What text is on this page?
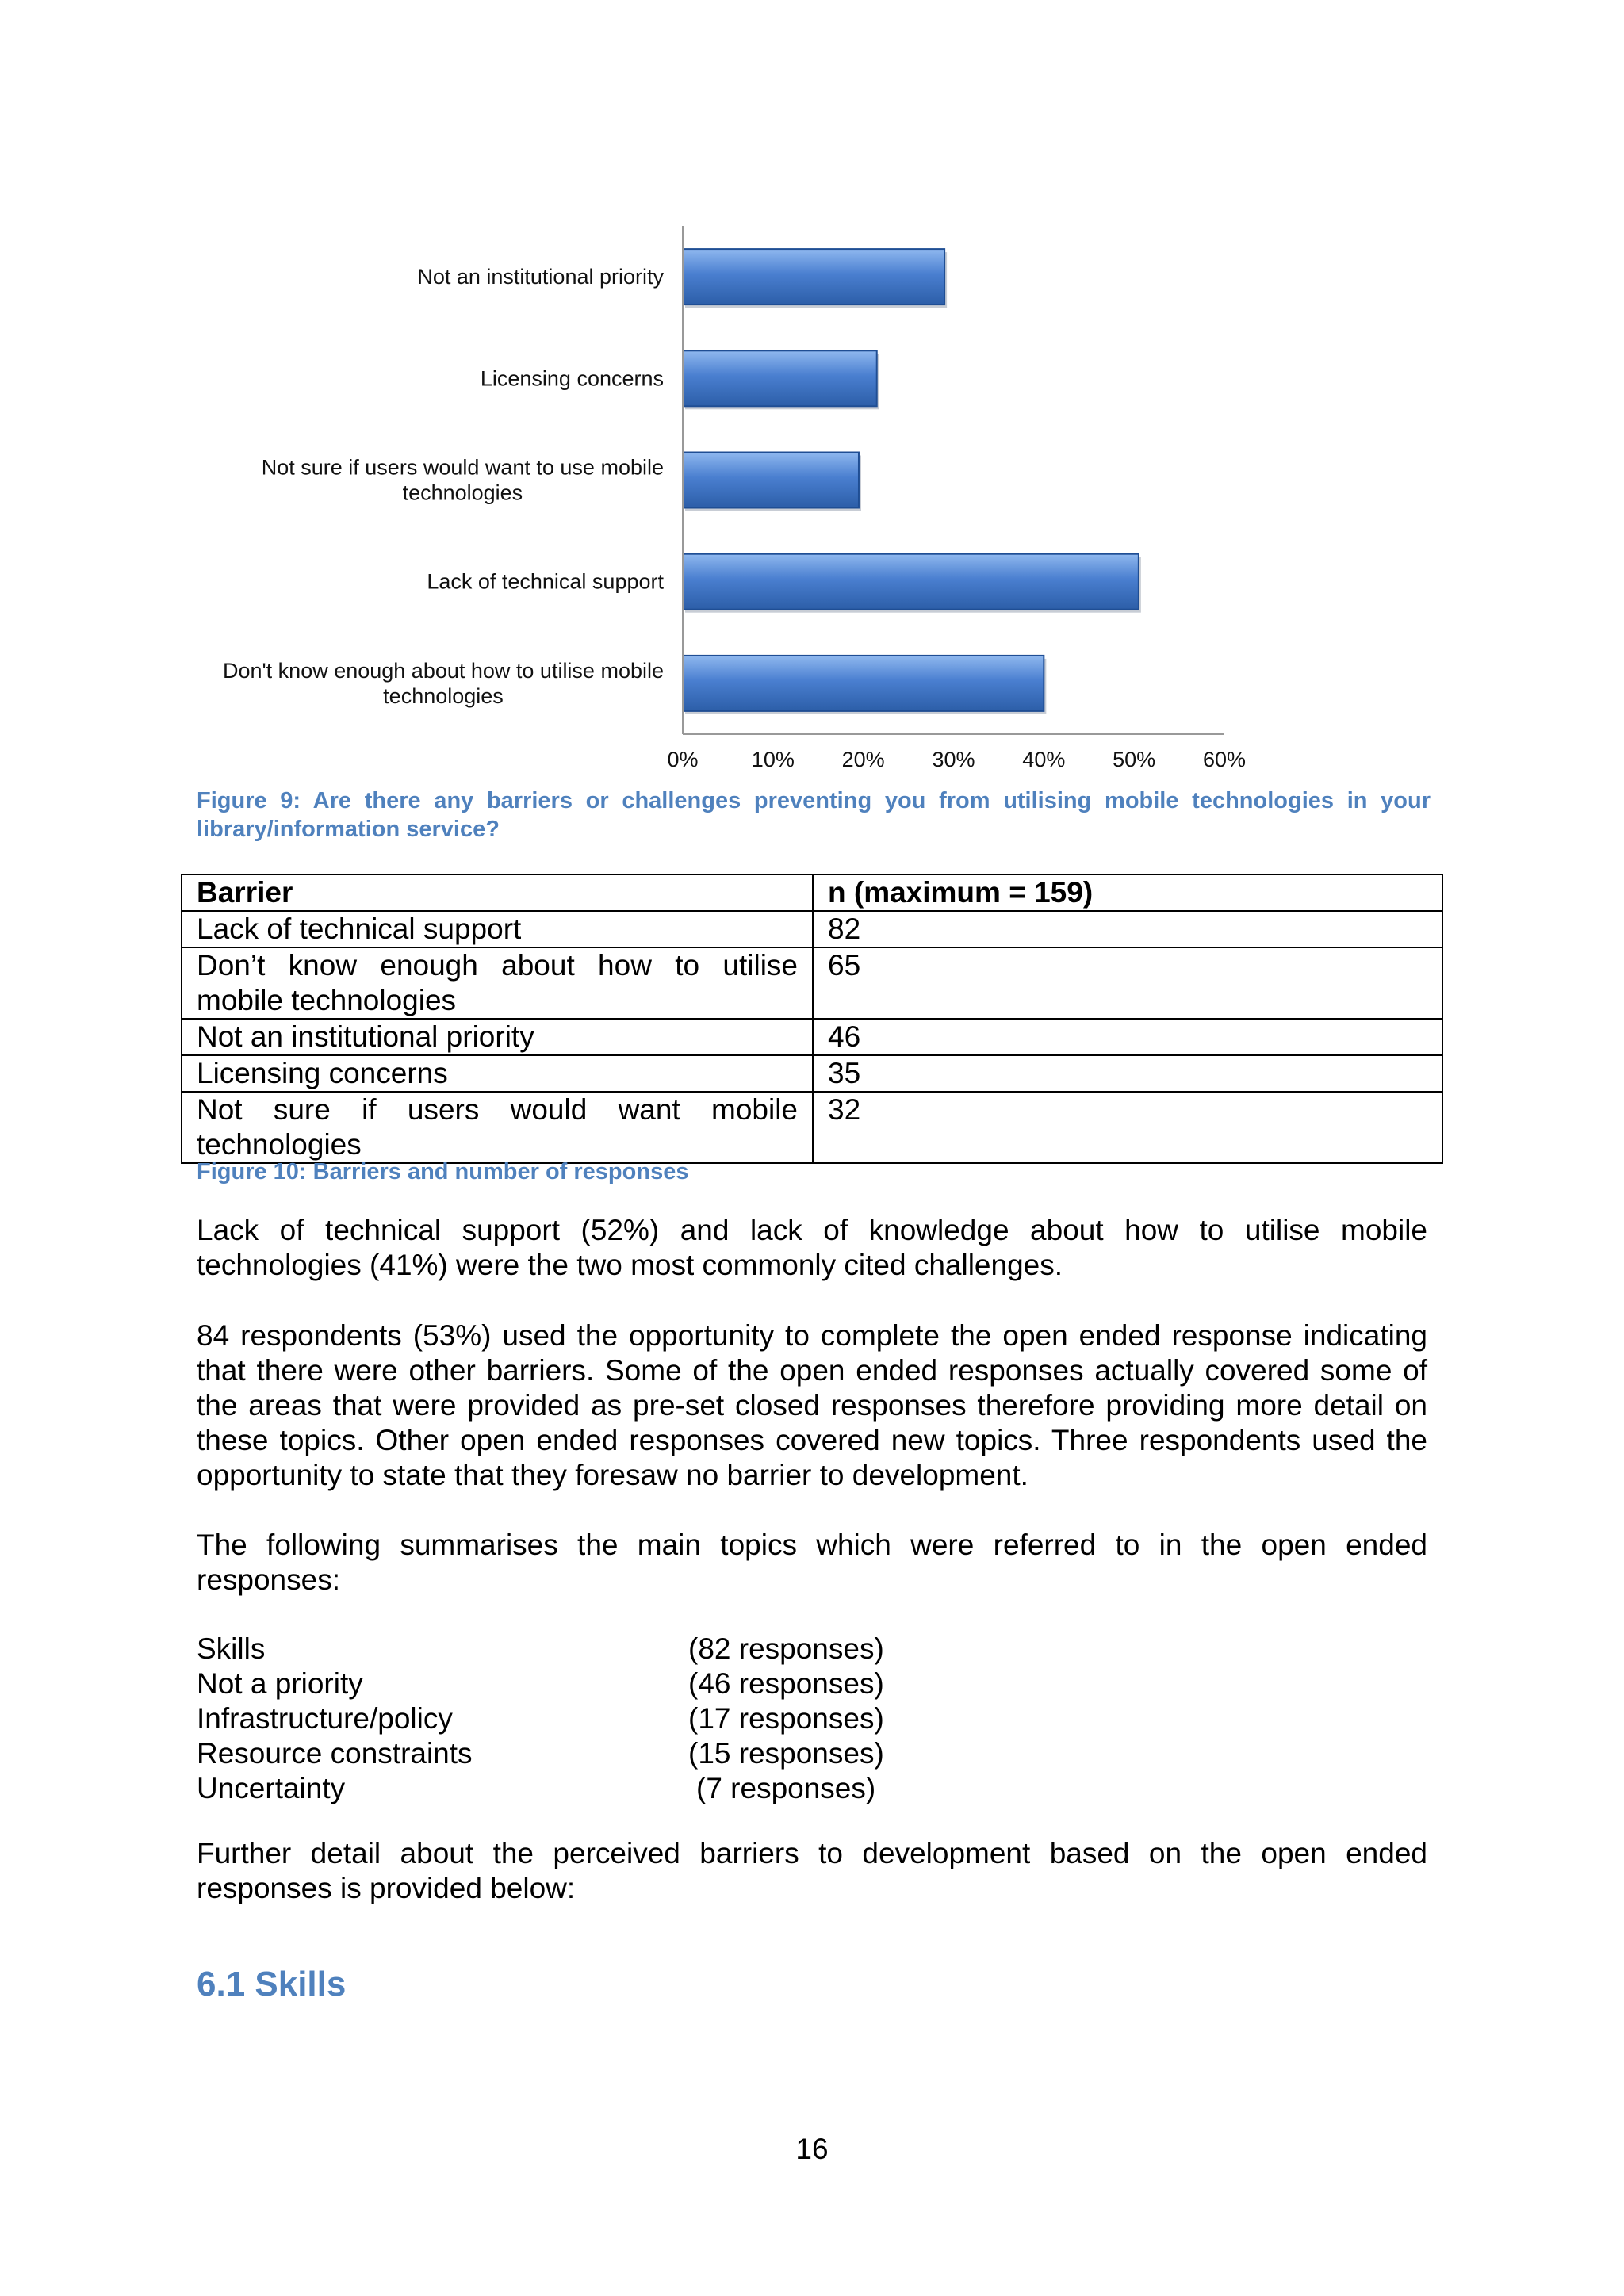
Not an institutional priority
Licensing concerns
Not sure if users would want to use mobile
technologies
Lack of technical support
Don't know enough about how to utilise mobile
technologies
0% 10% 20% 30% 40% 50% 60%
Figure 9: Are there any barriers or challenges preventing you from utilising mobile technologies in your library/information service?
Barrier	n (maximum = 159)
Lack of technical support	82
Don’t know enough about how to utilise mobile technologies	65
Not an institutional priority	46
Licensing concerns	35
Not sure if users would want mobile technologies	32
Figure 10: Barriers and number of responses

Lack of technical support (52%) and lack of knowledge about how to utilise mobile technologies (41%) were the two most commonly cited challenges.

84 respondents (53%) used the opportunity to complete the open ended response indicating that there were other barriers. Some of the open ended responses actually covered some of the areas that were provided as pre-set closed responses therefore providing more detail on these topics. Other open ended responses covered new topics. Three respondents used the opportunity to state that they foresaw no barrier to development.

The following summarises the main topics which were referred to in the open ended responses:

Skills	(82 responses)
Not a priority	(46 responses)
Infrastructure/policy	(17 responses)
Resource constraints	(15 responses)
Uncertainty	(7 responses)

Further detail about the perceived barriers to development based on the open ended responses is provided below:

6.1 Skills
16
